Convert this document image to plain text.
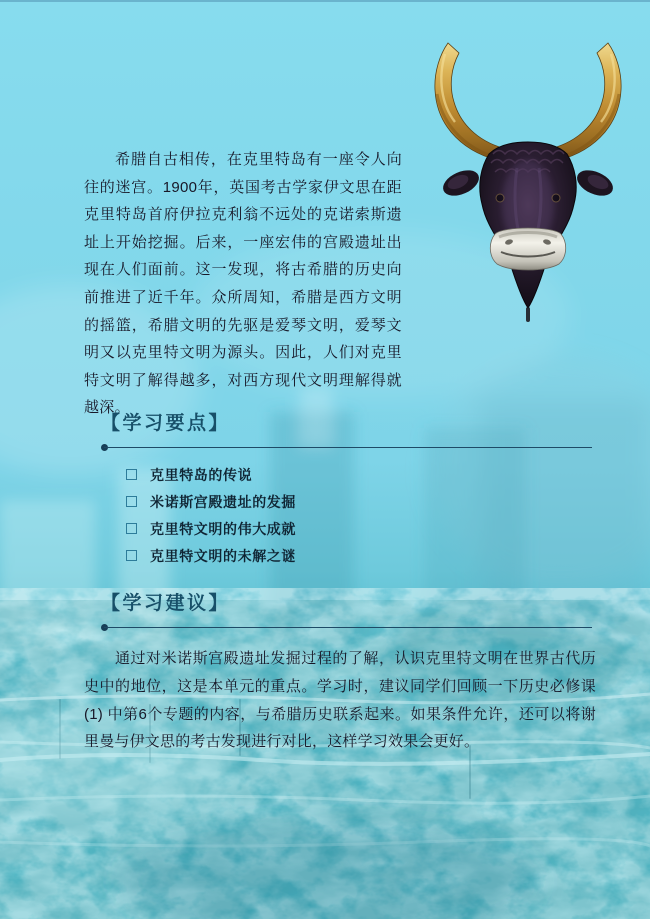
希腊自古相传，在克里特岛有一座令人向往的迷宫。1900年，英国考古学家伊文思在距克里特岛首府伊拉克利翁不远处的克诺索斯遗址上开始挖掘。后来，一座宏伟的宫殿遗址出现在人们面前。这一发现，将古希腊的历史向前推进了近千年。众所周知，希腊是西方文明的摇篮，希腊文明的先驱是爱琴文明，爱琴文明又以克里特文明为源头。因此，人们对克里特文明了解得越多，对西方现代文明理解得就越深。

【学习要点】
克里特岛的传说
米诺斯宫殿遗址的发掘
克里特文明的伟大成就
克里特文明的未解之谜
【学习建议】

通过对米诺斯宫殿遗址发掘过程的了解，认识克里特文明在世界古代历史中的地位，这是本单元的重点。学习时，建议同学们回顾一下历史必修课 (1) 中第6个专题的内容，与希腊历史联系起来。如果条件允许，还可以将谢里曼与伊文思的考古发现进行对比，这样学习效果会更好。
